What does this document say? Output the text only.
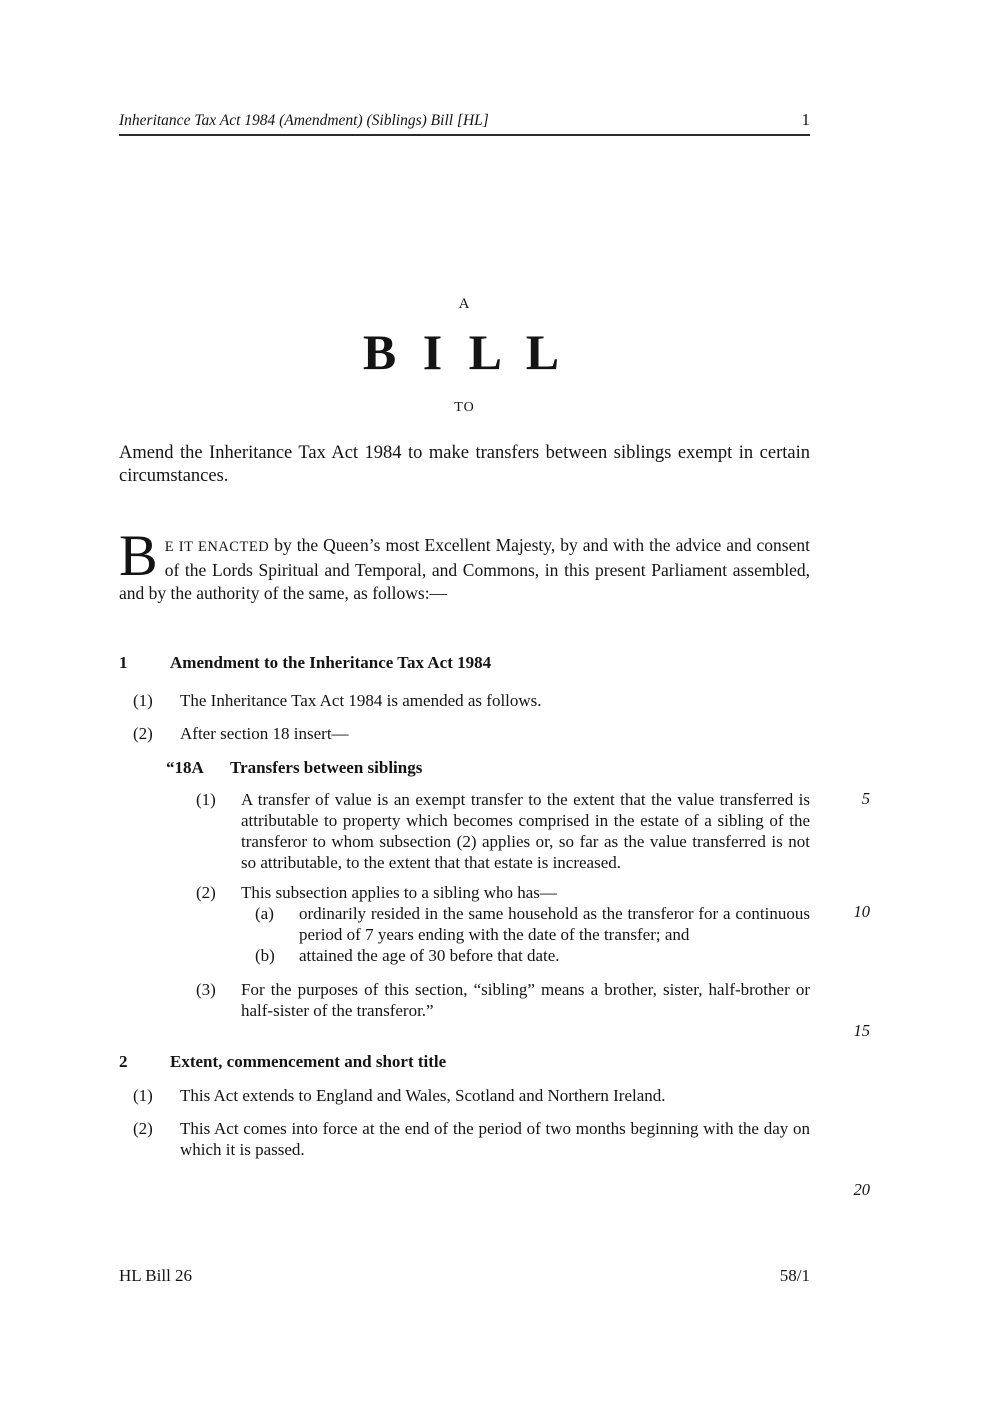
Inheritance Tax Act 1984 (Amendment) (Siblings) Bill [HL]	1
A
B I L L
TO
Amend the Inheritance Tax Act 1984 to make transfers between siblings exempt in certain circumstances.
B E IT ENACTED by the Queen’s most Excellent Majesty, by and with the advice and consent of the Lords Spiritual and Temporal, and Commons, in this present Parliament assembled, and by the authority of the same, as follows:—
1	Amendment to the Inheritance Tax Act 1984
(1) The Inheritance Tax Act 1984 is amended as follows.
(2) After section 18 insert—
“18A Transfers between siblings
(1) A transfer of value is an exempt transfer to the extent that the value transferred is attributable to property which becomes comprised in the estate of a sibling of the transferor to whom subsection (2) applies or, so far as the value transferred is not so attributable, to the extent that that estate is increased.
(2) This subsection applies to a sibling who has—
(a) ordinarily resided in the same household as the transferor for a continuous period of 7 years ending with the date of the transfer; and
(b) attained the age of 30 before that date.
(3) For the purposes of this section, “sibling” means a brother, sister, half-brother or half-sister of the transferor.”
2	Extent, commencement and short title
(1) This Act extends to England and Wales, Scotland and Northern Ireland.
(2) This Act comes into force at the end of the period of two months beginning with the day on which it is passed.
5
10
15
20
HL Bill 26	58/1
